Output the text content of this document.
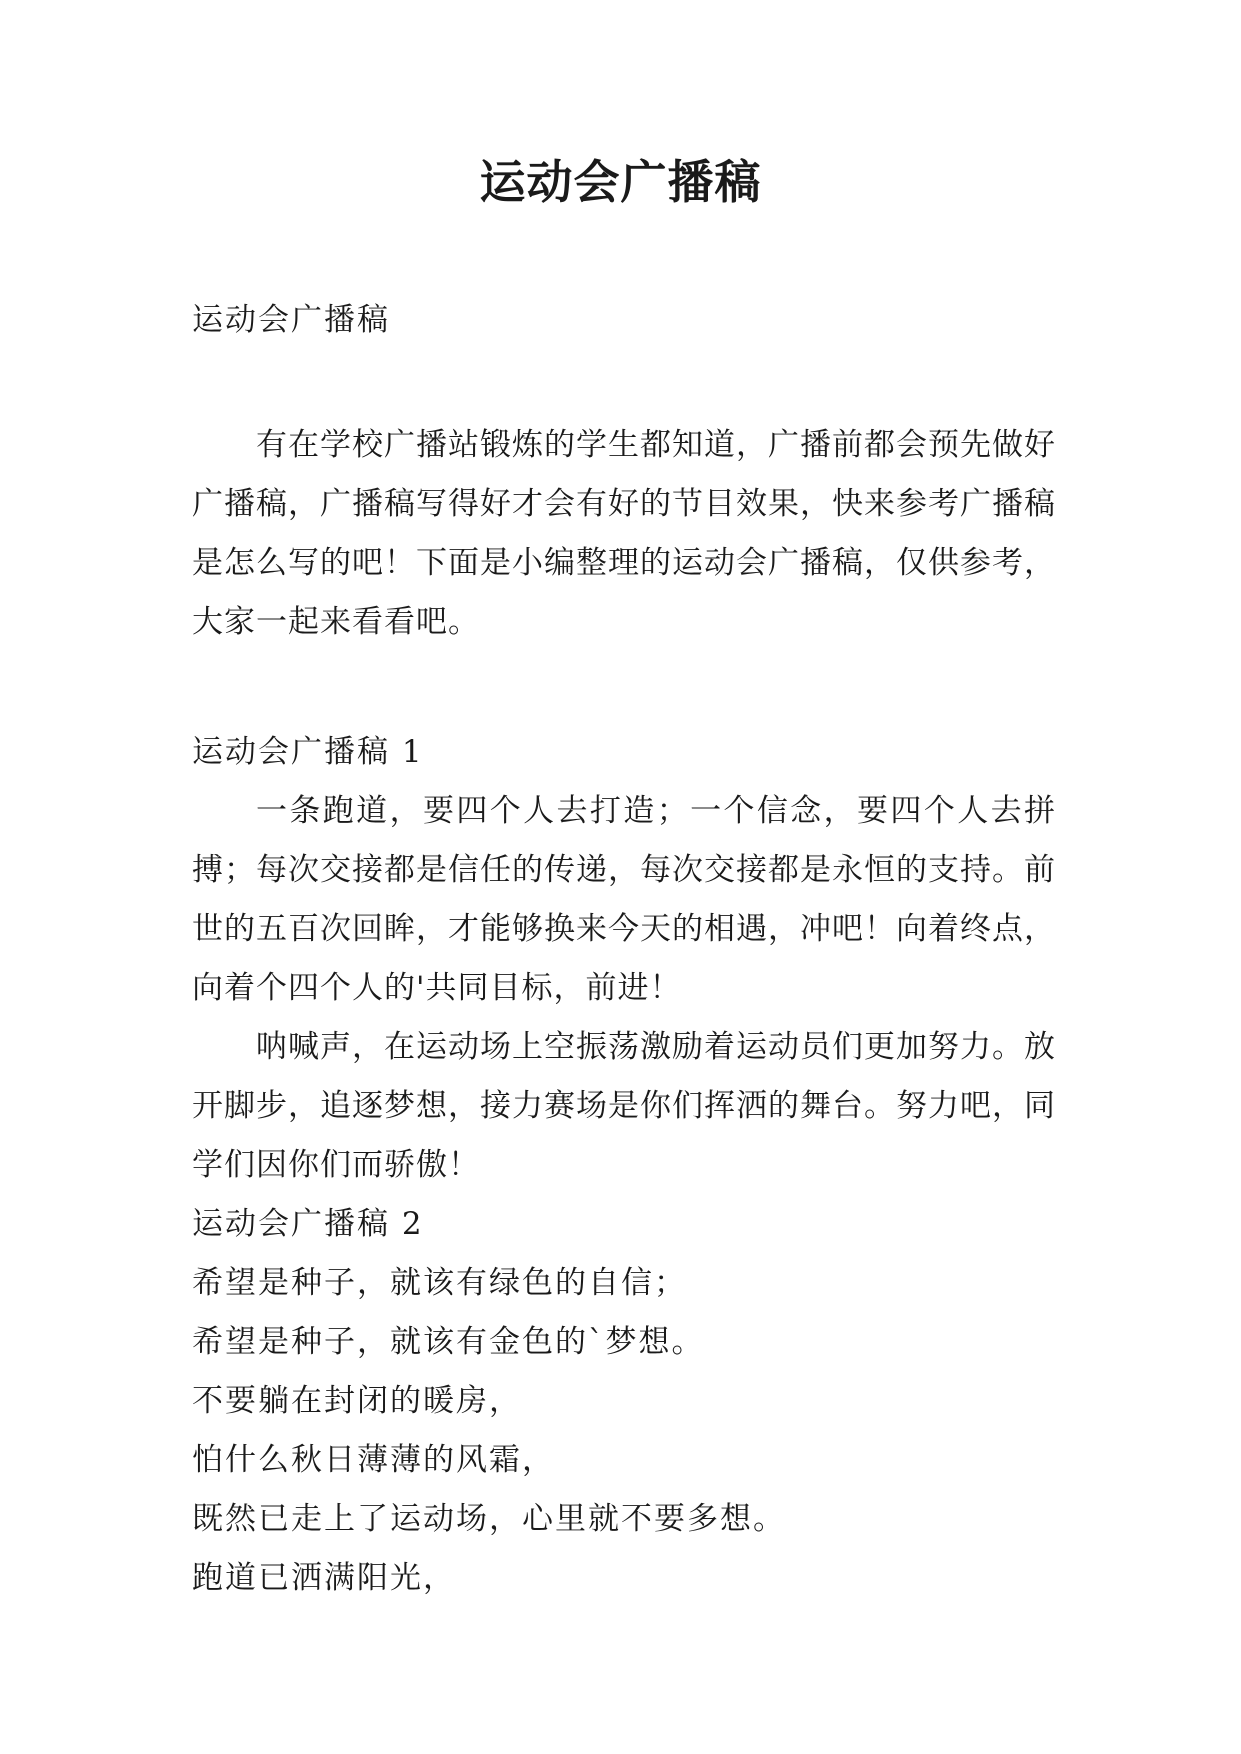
运动会广播稿

运动会广播稿

有在学校广播站锻炼的学生都知道，广播前都会预先做好广播稿，广播稿写得好才会有好的节目效果，快来参考广播稿是怎么写的吧！下面是小编整理的运动会广播稿，仅供参考，大家一起来看看吧。

运动会广播稿 1

一条跑道，要四个人去打造；一个信念，要四个人去拼搏；每次交接都是信任的传递，每次交接都是永恒的支持。前世的五百次回眸，才能够换来今天的相遇，冲吧！向着终点，向着个四个人的'共同目标，前进！

呐喊声，在运动场上空振荡激励着运动员们更加努力。放开脚步，追逐梦想，接力赛场是你们挥洒的舞台。努力吧，同学们因你们而骄傲！

运动会广播稿 2

希望是种子，就该有绿色的自信；

希望是种子，就该有金色的`梦想。

不要躺在封闭的暖房，

怕什么秋日薄薄的风霜，

既然已走上了运动场，心里就不要多想。

跑道已洒满阳光，
